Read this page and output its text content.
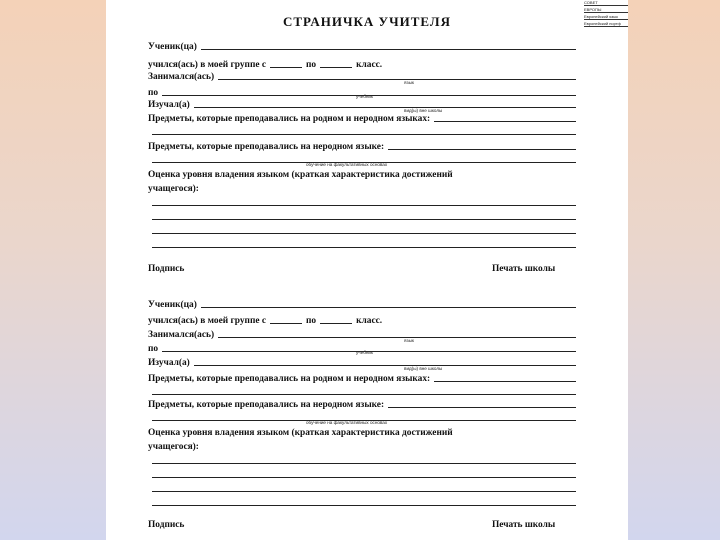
СОВЕТ
ЕВРОПЫ
Европейский язык
Европейский портф
СТРАНИЧКА УЧИТЕЛЯ
Ученик(ца)
учился(ась) в моей группе с	по	класс.
Занимался(ась)
язык
по	учебник
Изучал(а)
вид(ы) вне школы
Предметы, которые преподавались на родном и неродном языках:
Предметы, которые преподавались на неродном языке:
обучение на факультативных основах
Оценка уровня владения языком (краткая характеристика достижений
учащегося):
Подпись	Печать школы
Ученик(ца)
учился(ась) в моей группе с	по	класс.
Занимался(ась)
язык
по	учебник
Изучал(а)
вид(ы) вне школы
Предметы, которые преподавались на родном и неродном языках:
Предметы, которые преподавались на неродном языке:
обучение на факультативных основах
Оценка уровня владения языком (краткая характеристика достижений
учащегося):
Подпись	Печать школы
